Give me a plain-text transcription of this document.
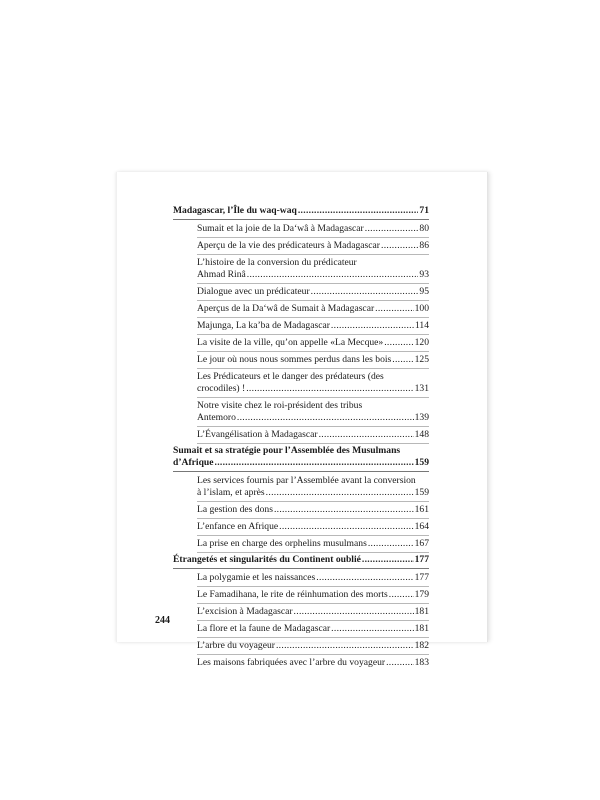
Madagascar, l’Île du waq-waq .....	71
Sumait et la joie de la Da‘wâ à Madagascar .....	80
Aperçu de la vie des prédicateurs à Madagascar .....	86
L’histoire de la conversion du prédicateur
Ahmad Rinâ .....	93
Dialogue avec un prédicateur .....	95
Aperçus de la Da‘wâ de Sumait à Madagascar .....	100
Majunga, La ka’ba de Madagascar .....	114
La visite de la ville, qu’on appelle «La Mecque» .....	120
Le jour où nous nous sommes perdus dans les bois ..... 125
Les Prédicateurs et le danger des prédateurs (des
crocodiles) ! .....	131
Notre visite chez le roi-président des tribus
Antemoro .....	139
L’Évangélisation à Madagascar .....	148
Sumait et sa stratégie pour l’Assemblée des Musulmans
d’Afrique .....	159
Les services fournis par l’Assemblée avant la conversion
à l’islam, et après .....	159
La gestion des dons .....	161
L’enfance en Afrique .....	164
La prise en charge des orphelins musulmans .....	167
Étrangetés et singularités du Continent oublié .....	177
La polygamie et les naissances .....	177
Le Famadihana, le rite de réinhumation des morts .....	179
L’excision à Madagascar .....	181
La flore et la faune de Madagascar .....	181
L’arbre du voyageur .....	182
Les maisons fabriquées avec l’arbre du voyageur .....	183
244
